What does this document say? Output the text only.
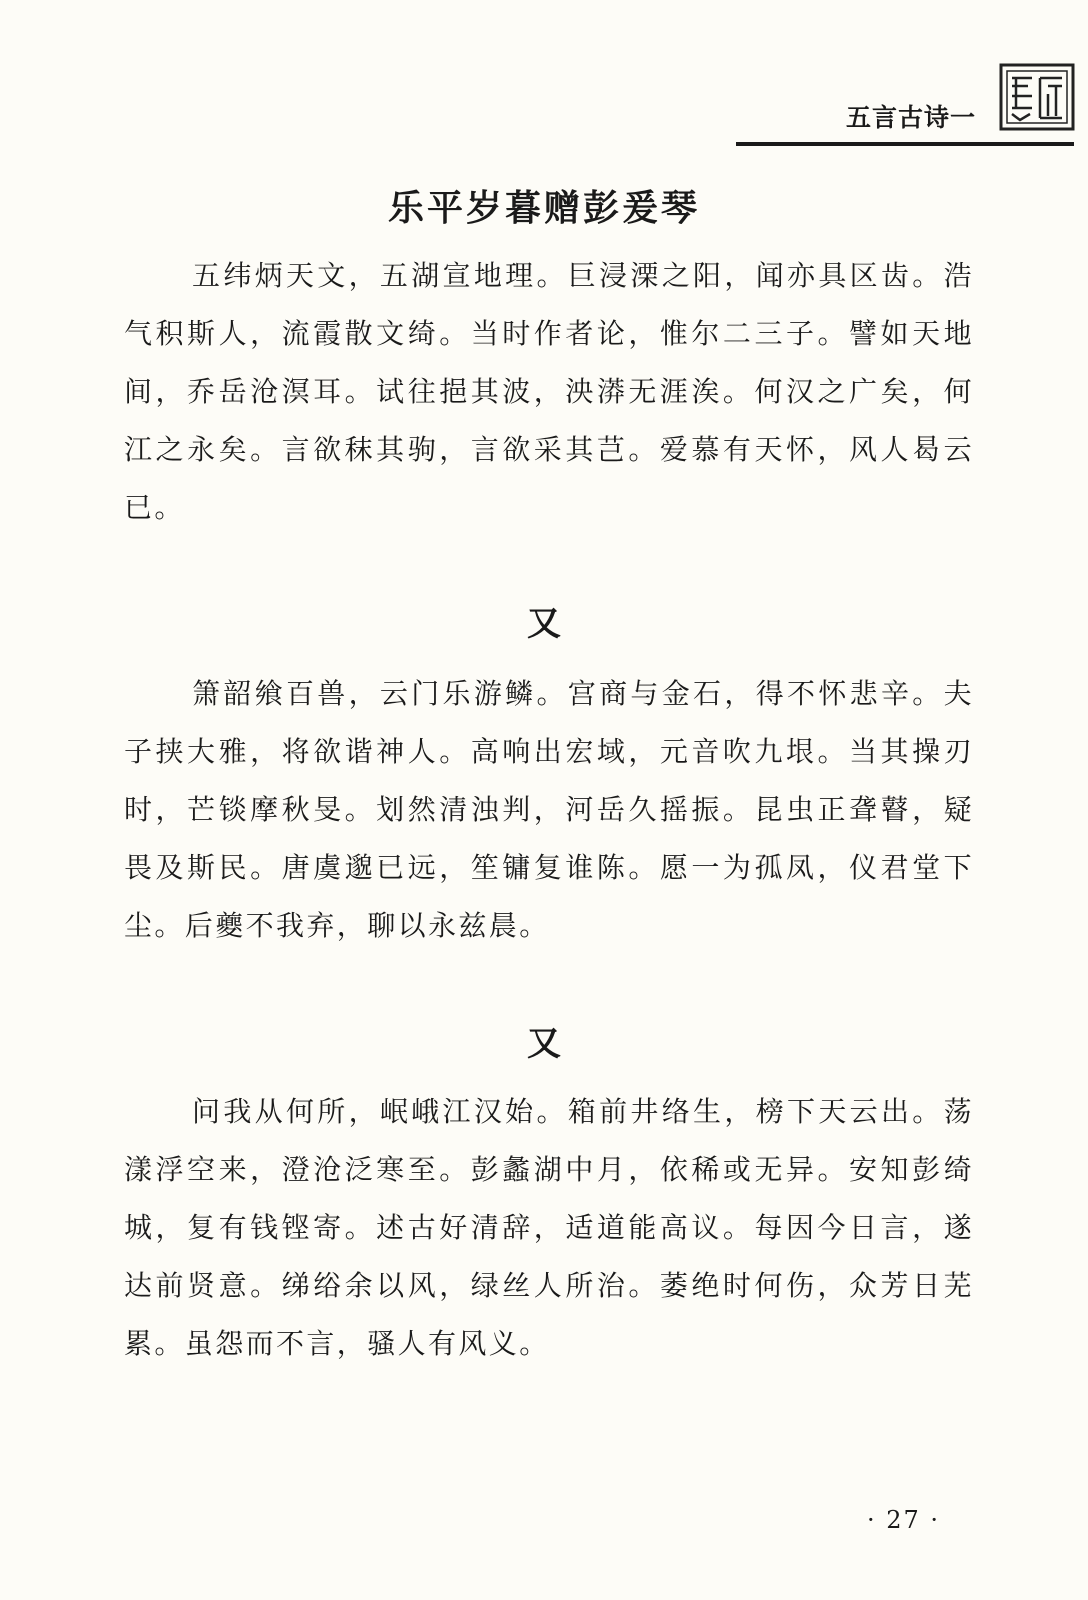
五言古诗一
乐平岁暮赠彭爰琴

五纬炳天文，五湖宣地理。巨浸溧之阳，闻亦具区齿。浩气积斯人，流霞散文绮。当时作者论，惟尔二三子。譬如天地间，乔岳沧溟耳。试往挹其波，泱漭无涯涘。何汉之广矣，何江之永矣。言欲秣其驹，言欲采其芑。爱慕有天怀，风人曷云已。

又

箫韶飨百兽，云门乐游鳞。宫商与金石，得不怀悲辛。夫子挟大雅，将欲谐神人。高响出宏域，元音吹九垠。当其操刃时，芒锬摩秋旻。划然清浊判，河岳久摇振。昆虫正聋瞽，疑畏及斯民。唐虞邈已远，笙镛复谁陈。愿一为孤凤，仪君堂下尘。后夔不我弃，聊以永兹晨。

又

问我从何所，岷峨江汉始。箱前井络生，榜下天云出。荡漾浮空来，澄沧泛寒至。彭蠡湖中月，依稀或无异。安知彭绮城，复有钱铿寄。述古好清辞，适道能高议。每因今日言，遂达前贤意。绨绤余以风，绿丝人所治。萎绝时何伤，众芳日芜累。虽怨而不言，骚人有风义。

· 27 ·
